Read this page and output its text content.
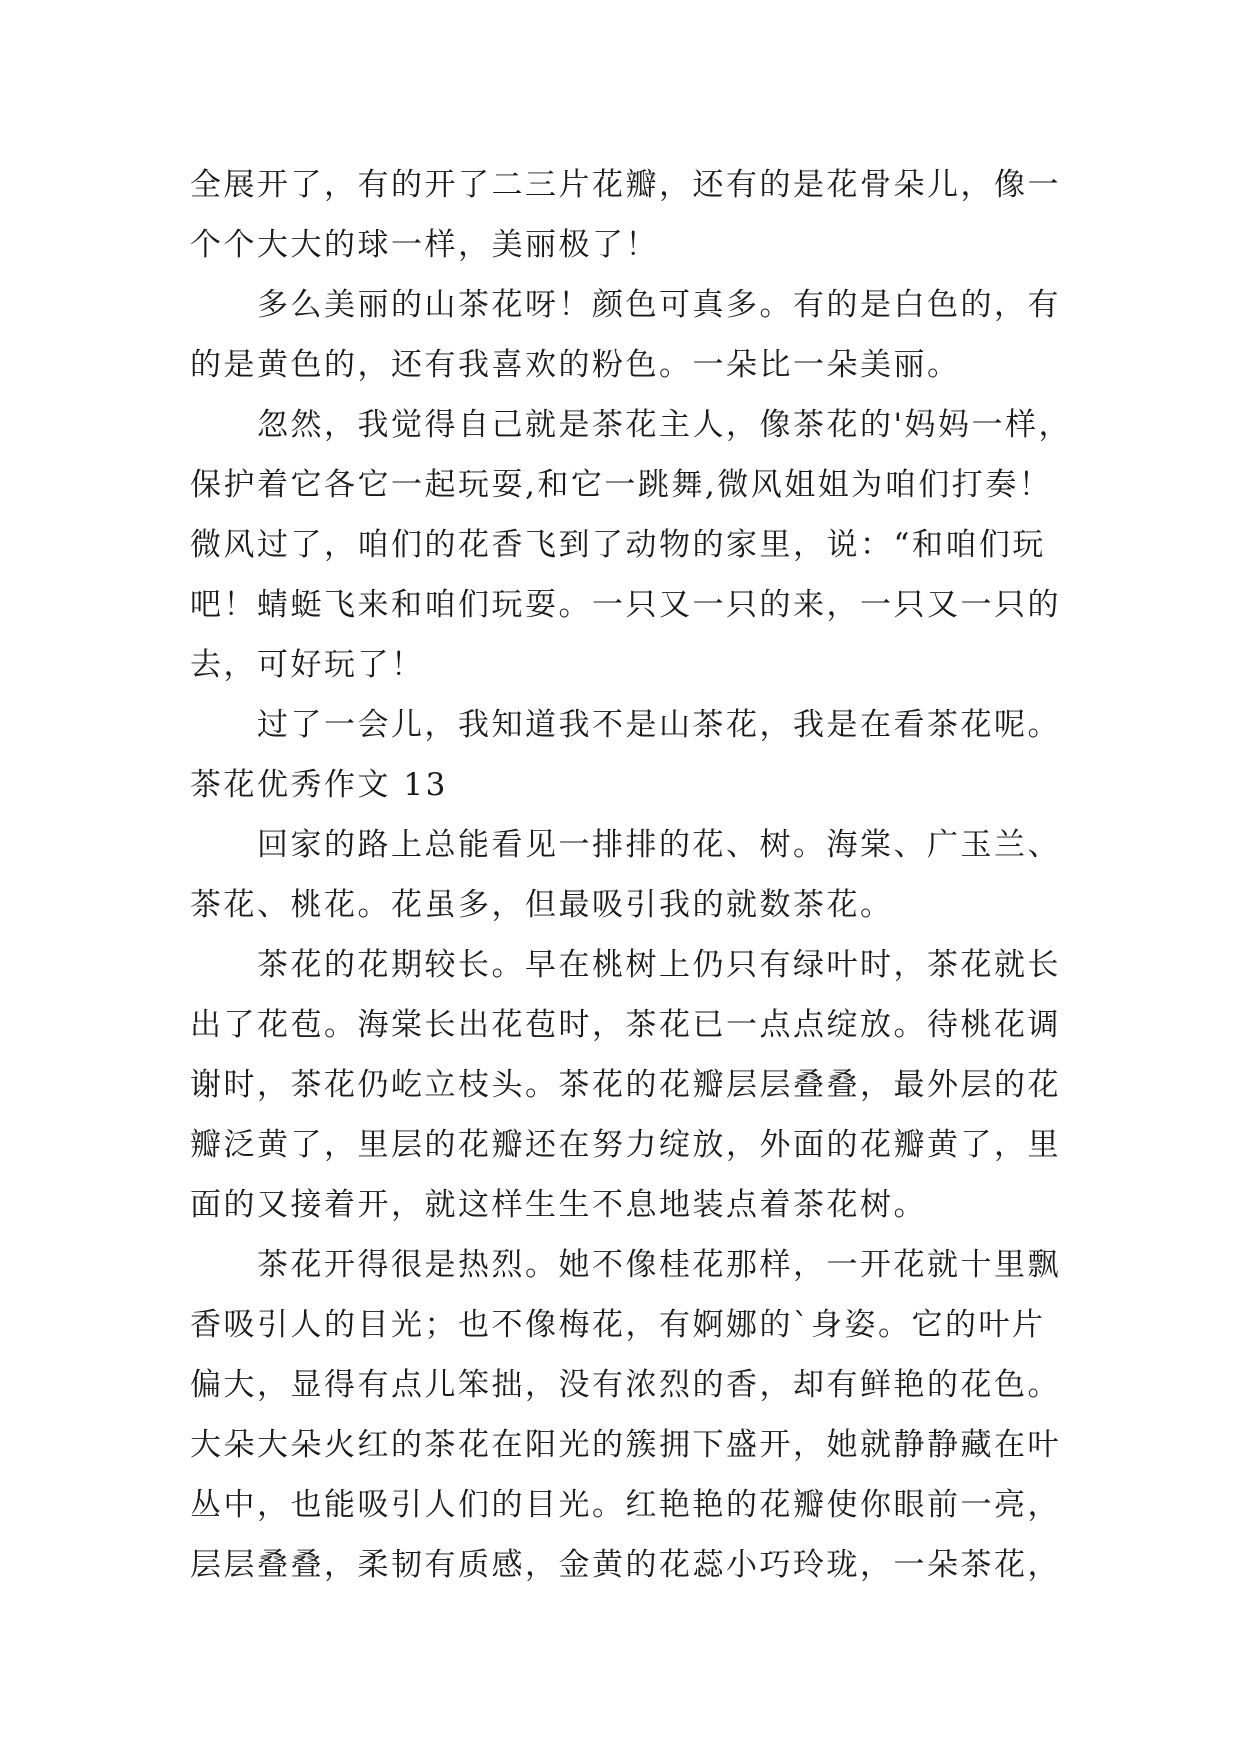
全展开了，有的开了二三片花瓣，还有的是花骨朵儿，像一
个个大大的球一样，美丽极了！
　　多么美丽的山茶花呀！颜色可真多。有的是白色的，有
的是黄色的，还有我喜欢的粉色。一朵比一朵美丽。
　　忽然，我觉得自己就是茶花主人，像茶花的'妈妈一样，
保护着它各它一起玩耍,和它一跳舞,微风姐姐为咱们打奏！
微风过了，咱们的花香飞到了动物的家里，说：“和咱们玩
吧！蜻蜓飞来和咱们玩耍。一只又一只的来，一只又一只的
去，可好玩了！
　　过了一会儿，我知道我不是山茶花，我是在看茶花呢。
茶花优秀作文 13
　　回家的路上总能看见一排排的花、树。海棠、广玉兰、
茶花、桃花。花虽多，但最吸引我的就数茶花。
　　茶花的花期较长。早在桃树上仍只有绿叶时，茶花就长
出了花苞。海棠长出花苞时，茶花已一点点绽放。待桃花调
谢时，茶花仍屹立枝头。茶花的花瓣层层叠叠，最外层的花
瓣泛黄了，里层的花瓣还在努力绽放，外面的花瓣黄了，里
面的又接着开，就这样生生不息地装点着茶花树。
　　茶花开得很是热烈。她不像桂花那样，一开花就十里飘
香吸引人的目光；也不像梅花，有婀娜的`身姿。它的叶片
偏大，显得有点儿笨拙，没有浓烈的香，却有鲜艳的花色。
大朵大朵火红的茶花在阳光的簇拥下盛开，她就静静藏在叶
丛中，也能吸引人们的目光。红艳艳的花瓣使你眼前一亮，
层层叠叠，柔韧有质感，金黄的花蕊小巧玲珑，一朵茶花，
